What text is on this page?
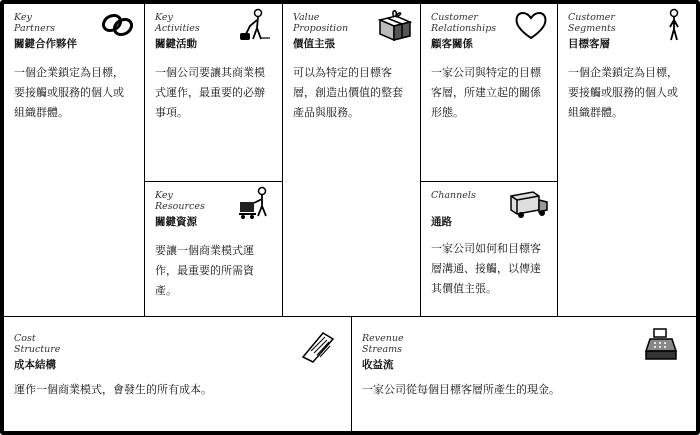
Key
Partners
關鍵合作夥伴
一個企業鎖定為目標，要接觸或服務的個人或組織群體。
Key
Activities
關鍵活動
一個公司要讓其商業模式運作，最重要的必辦事項。
Key
Resources
關鍵資源
要讓一個商業模式運作，最重要的所需資產。
Value
Proposition
價值主張
可以為特定的目標客層，創造出價值的整套產品與服務。
Customer
Relationships
顧客關係
一家公司與特定的目標客層，所建立起的關係形態。
Channels
通路
一家公司如何和目標客層溝通、接觸，以傳達其價值主張。
Customer
Segments
目標客層
一個企業鎖定為目標，要接觸或服務的個人或組織群體。
Cost
Structure
成本結構
運作一個商業模式，會發生的所有成本。
Revenue
Streams
收益流
一家公司從每個目標客層所產生的現金。
